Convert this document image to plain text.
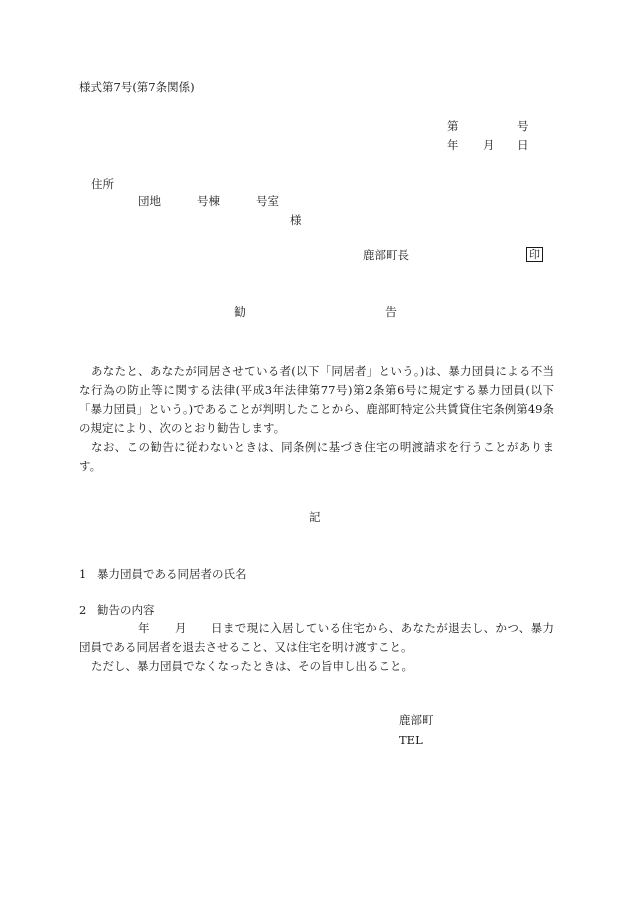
様式第7号(第7条関係)
第	号
年 月 日
住所
団地	号棟	号室
様
鹿部町長	印
勧	告
あなたと、あなたが同居させている者(以下「同居者」という。)は、暴力団員による不当な行為の防止等に関する法律(平成3年法律第77号)第2条第6号に規定する暴力団員(以下「暴力団員」という。)であることが判明したことから、鹿部町特定公共賃貸住宅条例第49条の規定により、次のとおり勧告します。
なお、この勧告に従わないときは、同条例に基づき住宅の明渡請求を行うことがあります。
記
1 暴力団員である同居者の氏名
2 勧告の内容
年 月	日まで現に入居している住宅から、あなたが退去し、かつ、暴力団員である同居者を退去させること、又は住宅を明け渡すこと。
ただし、暴力団員でなくなったときは、その旨申し出ること。
鹿部町
TEL
